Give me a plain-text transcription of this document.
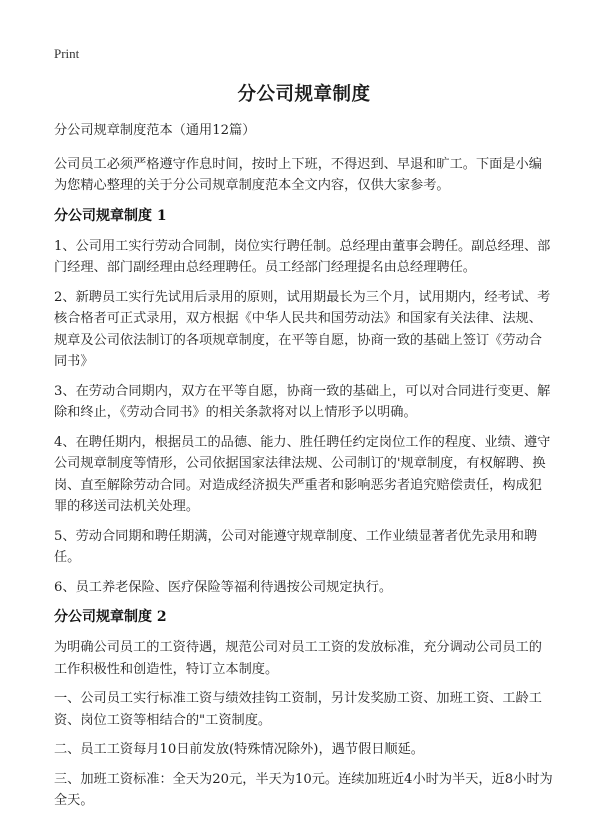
Print
分公司规章制度

分公司规章制度范本（通用12篇）

公司员工必须严格遵守作息时间，按时上下班，不得迟到、早退和旷工。下面是小编为您精心整理的关于分公司规章制度范本全文内容，仅供大家参考。

分公司规章制度 1

1、公司用工实行劳动合同制，岗位实行聘任制。总经理由董事会聘任。副总经理、部门经理、部门副经理由总经理聘任。员工经部门经理提名由总经理聘任。

2、新聘员工实行先试用后录用的原则，试用期最长为三个月，试用期内，经考试、考核合格者可正式录用，双方根据《中华人民共和国劳动法》和国家有关法律、法规、规章及公司依法制订的各项规章制度，在平等自愿，协商一致的基础上签订《劳动合同书》

3、在劳动合同期内，双方在平等自愿，协商一致的基础上，可以对合同进行变更、解除和终止，《劳动合同书》的相关条款将对以上情形予以明确。

4、在聘任期内，根据员工的品德、能力、胜任聘任约定岗位工作的程度、业绩、遵守公司规章制度等情形，公司依据国家法律法规、公司制订的'规章制度，有权解聘、换岗、直至解除劳动合同。对造成经济损失严重者和影响恶劣者追究赔偿责任，构成犯罪的移送司法机关处理。

5、劳动合同期和聘任期满，公司对能遵守规章制度、工作业绩显著者优先录用和聘任。

6、员工养老保险、医疗保险等福利待遇按公司规定执行。

分公司规章制度 2

为明确公司员工的工资待遇，规范公司对员工工资的发放标准，充分调动公司员工的工作积极性和创造性，特订立本制度。

一、公司员工实行标准工资与绩效挂钩工资制，另计发奖励工资、加班工资、工龄工资、岗位工资等相结合的"工资制度。

二、员工工资每月10日前发放(特殊情况除外)，遇节假日顺延。

三、加班工资标准：全天为20元，半天为10元。连续加班近4小时为半天，近8小时为全天。
